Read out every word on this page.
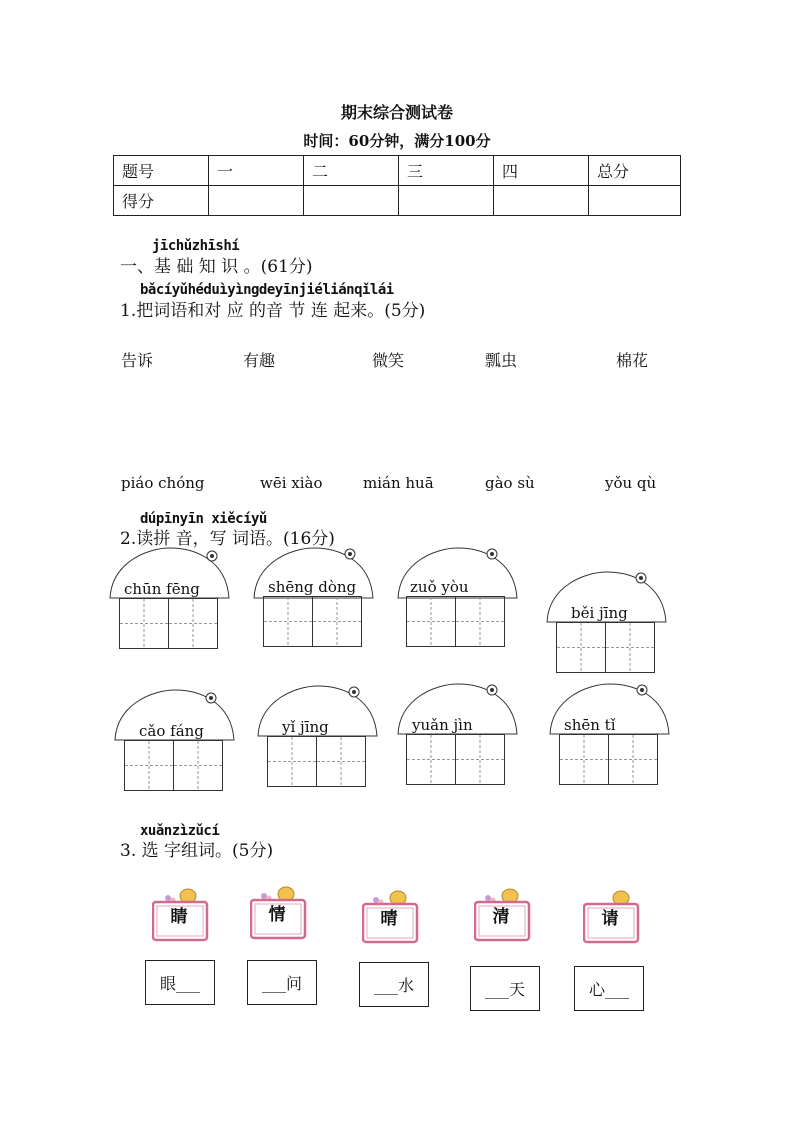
期末综合测试卷
时间：60分钟，满分100分
题号	一	二	三	四	总分
得分					
jīchǔzhīshí
一、基 础 知 识 。(61分)
bǎcíyǔhéduìyìngdeyīnjiéliánqǐlái
1.把词语和对 应 的音 节 连 起来。(5分)
告诉	有趣	微笑	瓢虫	棉花
piáo chóng	wēi xiào	mián huā	gào sù	yǒu qù
dúpīnyīn xiěcíyǔ
2.读拼 音，写 词语。(16分)
chūn fēng	shēng dòng	zuǒ yòu
běi jīng
cǎo fáng	yǐ jīng	yuǎn jìn	shēn tǐ
xuǎnzìzǔcí
3. 选 字组词。(5分)
睛	情	晴	清	请
眼___	___问	___水	___天	心___
